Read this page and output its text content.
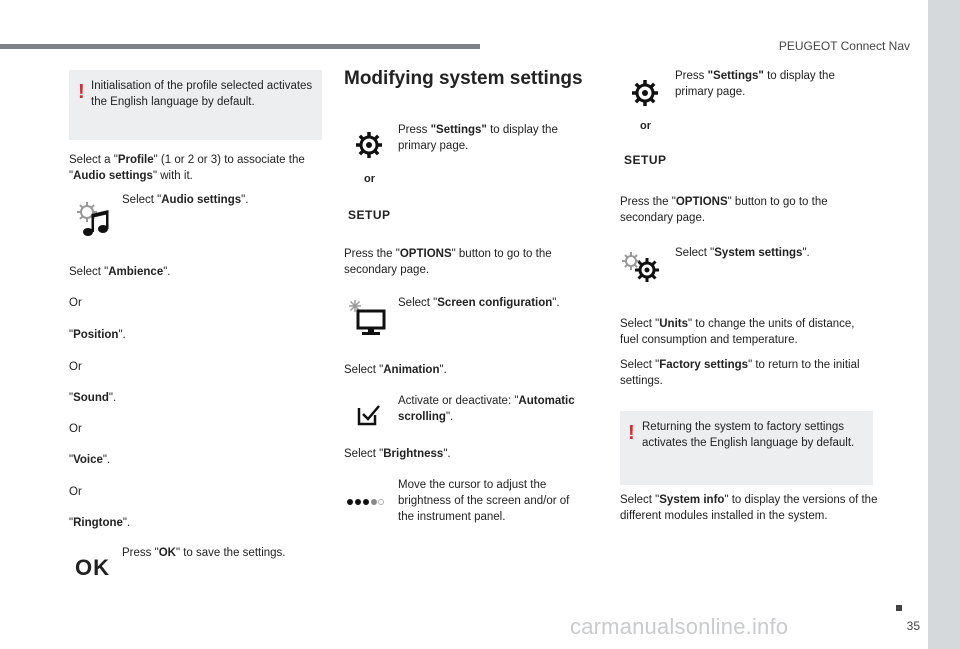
PEUGEOT Connect Nav
35
! Initialisation of the profile selected activates the English language by default.
Select a "Profile" (1 or 2 or 3) to associate the "Audio settings" with it.
Select "Audio settings".
Select "Ambience".
Or
"Position".
Or
"Sound".
Or
"Voice".
Or
"Ringtone".
Press "OK" to save the settings.
OK
Modifying system settings
Press "Settings" to display the primary page.
or
SETUP
Press the "OPTIONS" button to go to the secondary page.
Select "Screen configuration".
Select "Animation".
Activate or deactivate: "Automatic scrolling".
Select "Brightness".
Move the cursor to adjust the brightness of the screen and/or of the instrument panel.
Press "Settings" to display the primary page.
or
SETUP
Press the "OPTIONS" button to go to the secondary page.
Select "System settings".
Select "Units" to change the units of distance, fuel consumption and temperature.
Select "Factory settings" to return to the initial settings.
! Returning the system to factory settings activates the English language by default.
Select "System info" to display the versions of the different modules installed in the system.
carmanualsonline.info
